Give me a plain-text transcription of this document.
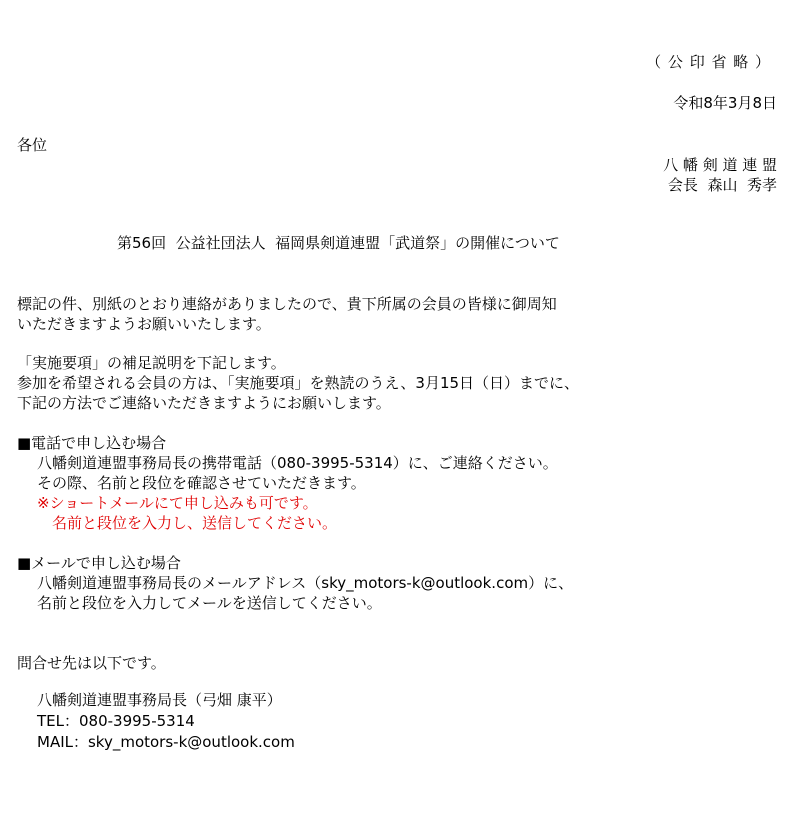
（ 公 印 省 略 ）
令和8年3月8日
各位
八 幡 剣 道 連 盟
会長  森山  秀孝
第56回  公益社団法人  福岡県剣道連盟「武道祭」の開催について
標記の件、別紙のとおり連絡がありましたので、貴下所属の会員の皆様に御周知
いただきますようお願いいたします。
「実施要項」の補足説明を下記します。
参加を希望される会員の方は、「実施要項」を熟読のうえ、3月15日（日）までに、
下記の方法でご連絡いただきますようにお願いします。
■電話で申し込む場合
八幡剣道連盟事務局長の携帯電話（080-3995-5314）に、ご連絡ください。
その際、名前と段位を確認させていただきます。
※ショートメールにて申し込みも可です。
名前と段位を入力し、送信してください。
■メールで申し込む場合
八幡剣道連盟事務局長のメールアドレス（sky_motors-k@outlook.com）に、
名前と段位を入力してメールを送信してください。
問合せ先は以下です。
八幡剣道連盟事務局長（弓畑 康平）
TEL：080-3995-5314
MAIL：sky_motors-k@outlook.com
